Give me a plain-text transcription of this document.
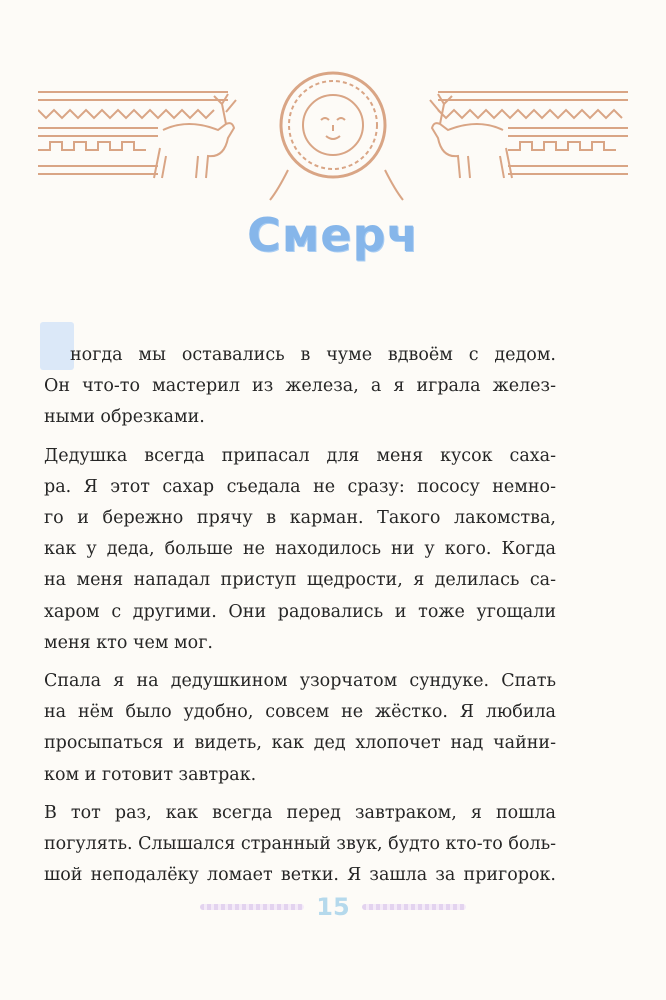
Смерч

ногда мы оставались в чуме вдвоём с дедом.
Он что-то мастерил из железа, а я играла желез-
ными обрезками.

Дедушка всегда припасал для меня кусок саха-
ра. Я этот сахар съедала не сразу: пососу немно-
го и бережно прячу в карман. Такого лакомства,
как у деда, больше не находилось ни у кого. Когда
на меня нападал приступ щедрости, я делилась са-
харом с другими. Они радовались и тоже угощали
меня кто чем мог.

Спала я на дедушкином узорчатом сундуке. Спать
на нём было удобно, совсем не жёстко. Я любила
просыпаться и видеть, как дед хлопочет над чайни-
ком и готовит завтрак.

В тот раз, как всегда перед завтраком, я пошла
погулять. Слышался странный звук, будто кто-то боль-
шой неподалёку ломает ветки. Я зашла за пригорок.

15
